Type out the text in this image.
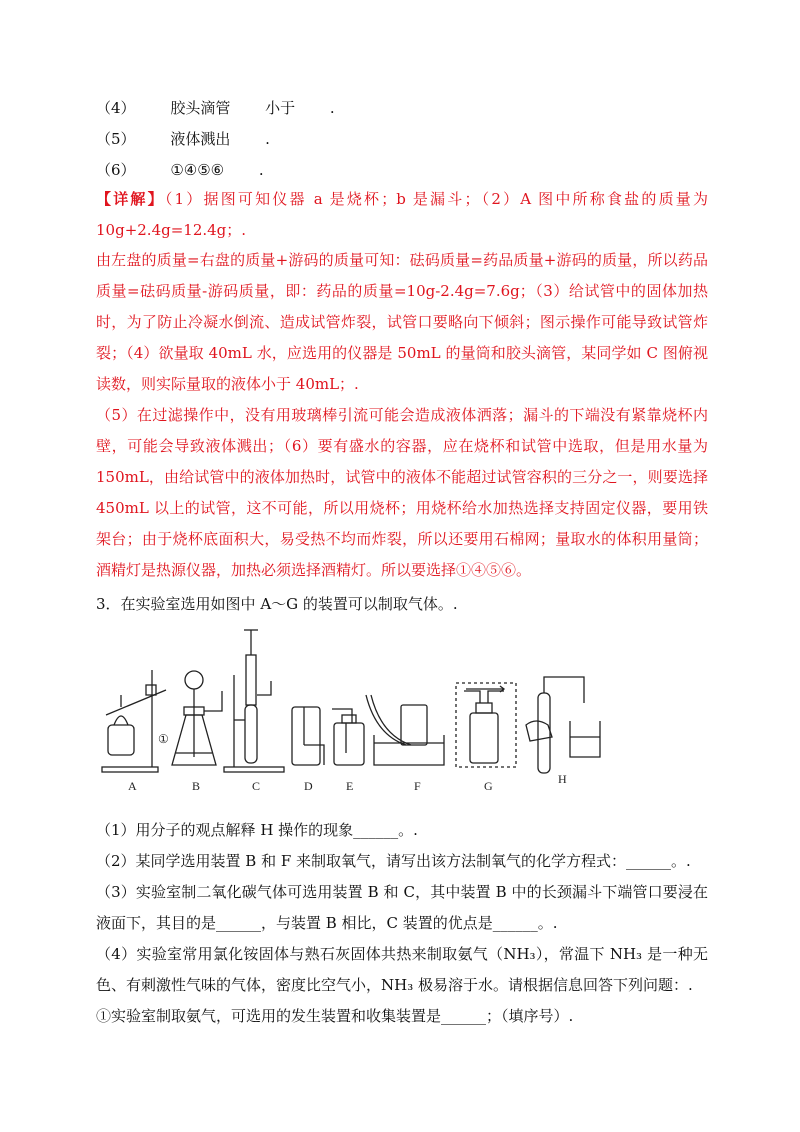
（4） 胶头滴管 小于 .
（5） 液体溅出 .
（6） ①④⑤⑥ .
【详解】（1）据图可知仪器 a 是烧杯；b 是漏斗；（2）A 图中所称食盐的质量为 10g+2.4g=12.4g；.
由左盘的质量=右盘的质量+游码的质量可知：砝码质量=药品质量+游码的质量，所以药品质量=砝码质量-游码质量，即：药品的质量=10g-2.4g=7.6g；（3）给试管中的固体加热时，为了防止冷凝水倒流、造成试管炸裂，试管口要略向下倾斜；图示操作可能导致试管炸裂；（4）欲量取 40mL 水，应选用的仪器是 50mL 的量筒和胶头滴管，某同学如 C 图俯视读数，则实际量取的液体小于 40mL；.
（5）在过滤操作中，没有用玻璃棒引流可能会造成液体洒落；漏斗的下端没有紧靠烧杯内壁，可能会导致液体溅出；（6）要有盛水的容器，应在烧杯和试管中选取，但是用水量为 150mL，由给试管中的液体加热时，试管中的液体不能超过试管容积的三分之一，则要选择 450mL 以上的试管，这不可能，所以用烧杯；用烧杯给水加热选择支持固定仪器，要用铁架台；由于烧杯底面积大，易受热不均而炸裂，所以还要用石棉网；量取水的体积用量筒；酒精灯是热源仪器，加热必须选择酒精灯。所以要选择①④⑤⑥。
3．在实验室选用如图中 A～G 的装置可以制取气体。.
A	B	C	D	E	F	G	H
①
（1）用分子的观点解释 H 操作的现象______。.
（2）某同学选用装置 B 和 F 来制取氧气，请写出该方法制氧气的化学方程式：______。.
（3）实验室制二氧化碳气体可选用装置 B 和 C，其中装置 B 中的长颈漏斗下端管口要浸在液面下，其目的是______，与装置 B 相比，C 装置的优点是______。.
（4）实验室常用氯化铵固体与熟石灰固体共热来制取氨气（NH₃），常温下 NH₃ 是一种无色、有刺激性气味的气体，密度比空气小，NH₃ 极易溶于水。请根据信息回答下列问题：.
①实验室制取氨气，可选用的发生装置和收集装置是______；（填序号）.
